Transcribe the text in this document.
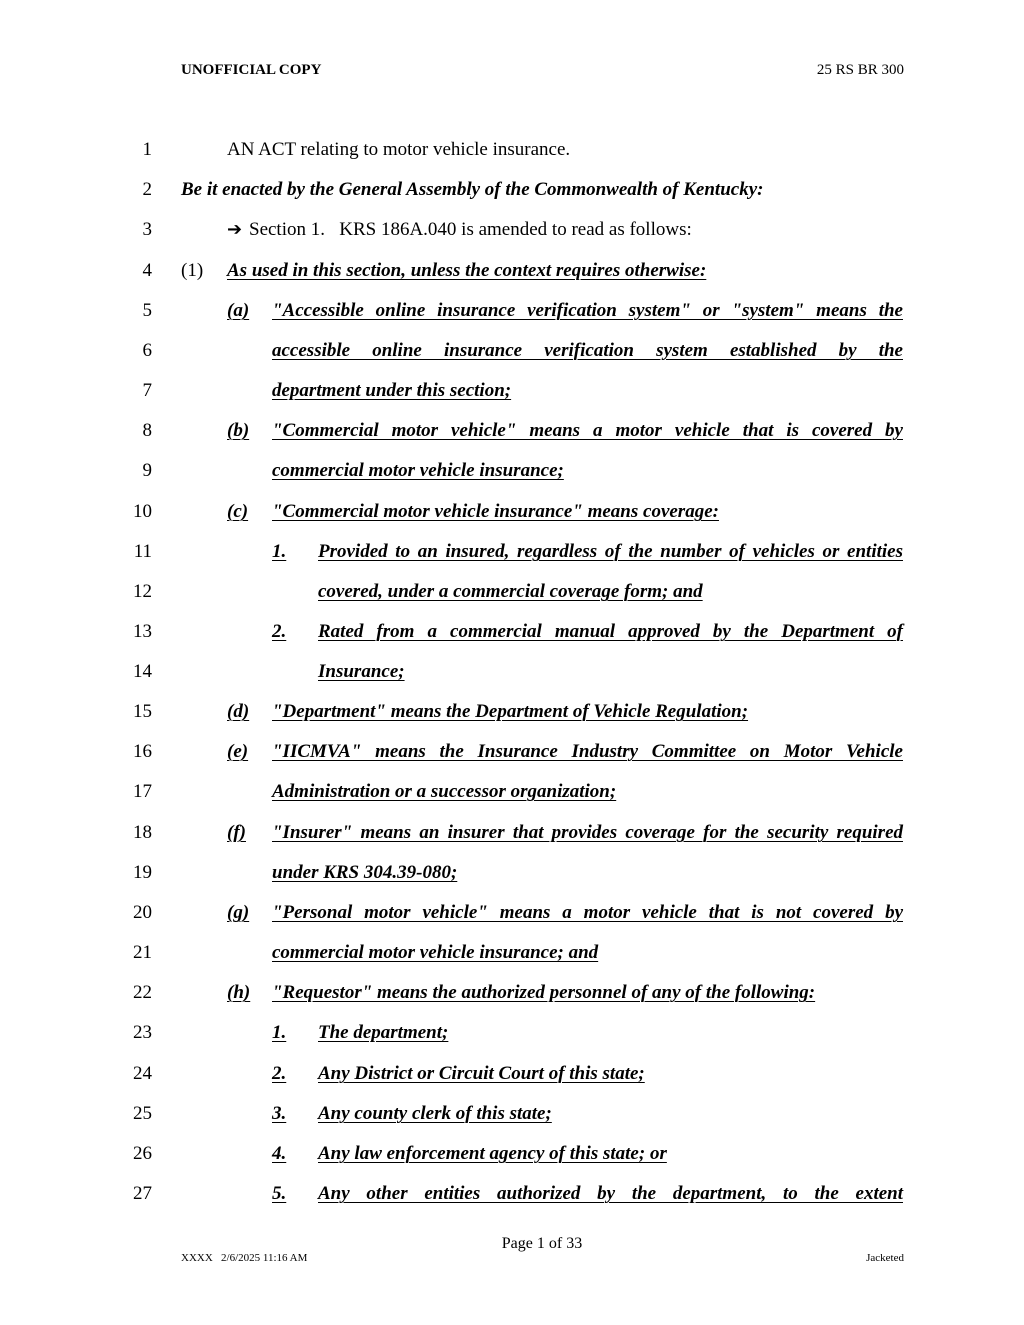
UNOFFICIAL COPY	25 RS BR 300
1	AN ACT relating to motor vehicle insurance.
2 Be it enacted by the General Assembly of the Commonwealth of Kentucky:
3	➔ Section 1.   KRS 186A.040 is amended to read as follows:
4 (1) As used in this section, unless the context requires otherwise:
5	(a) "Accessible online insurance verification system" or "system" means the
6	accessible online insurance verification system established by the
7	department under this section;
8	(b) "Commercial motor vehicle" means a motor vehicle that is covered by
9	commercial motor vehicle insurance;
10	(c) "Commercial motor vehicle insurance" means coverage:
11	1. Provided to an insured, regardless of the number of vehicles or entities
12	covered, under a commercial coverage form; and
13	2. Rated from a commercial manual approved by the Department of
14	Insurance;
15	(d) "Department" means the Department of Vehicle Regulation;
16	(e) "IICMVA" means the Insurance Industry Committee on Motor Vehicle
17	Administration or a successor organization;
18	(f) "Insurer" means an insurer that provides coverage for the security required
19	under KRS 304.39-080;
20	(g) "Personal motor vehicle" means a motor vehicle that is not covered by
21	commercial motor vehicle insurance; and
22	(h) "Requestor" means the authorized personnel of any of the following:
23	1. The department;
24	2. Any District or Circuit Court of this state;
25	3. Any county clerk of this state;
26	4. Any law enforcement agency of this state; or
27	5. Any other entities authorized by the department, to the extent
Page 1 of 33
XXXX   2/6/2025 11:16 AM	Jacketed
